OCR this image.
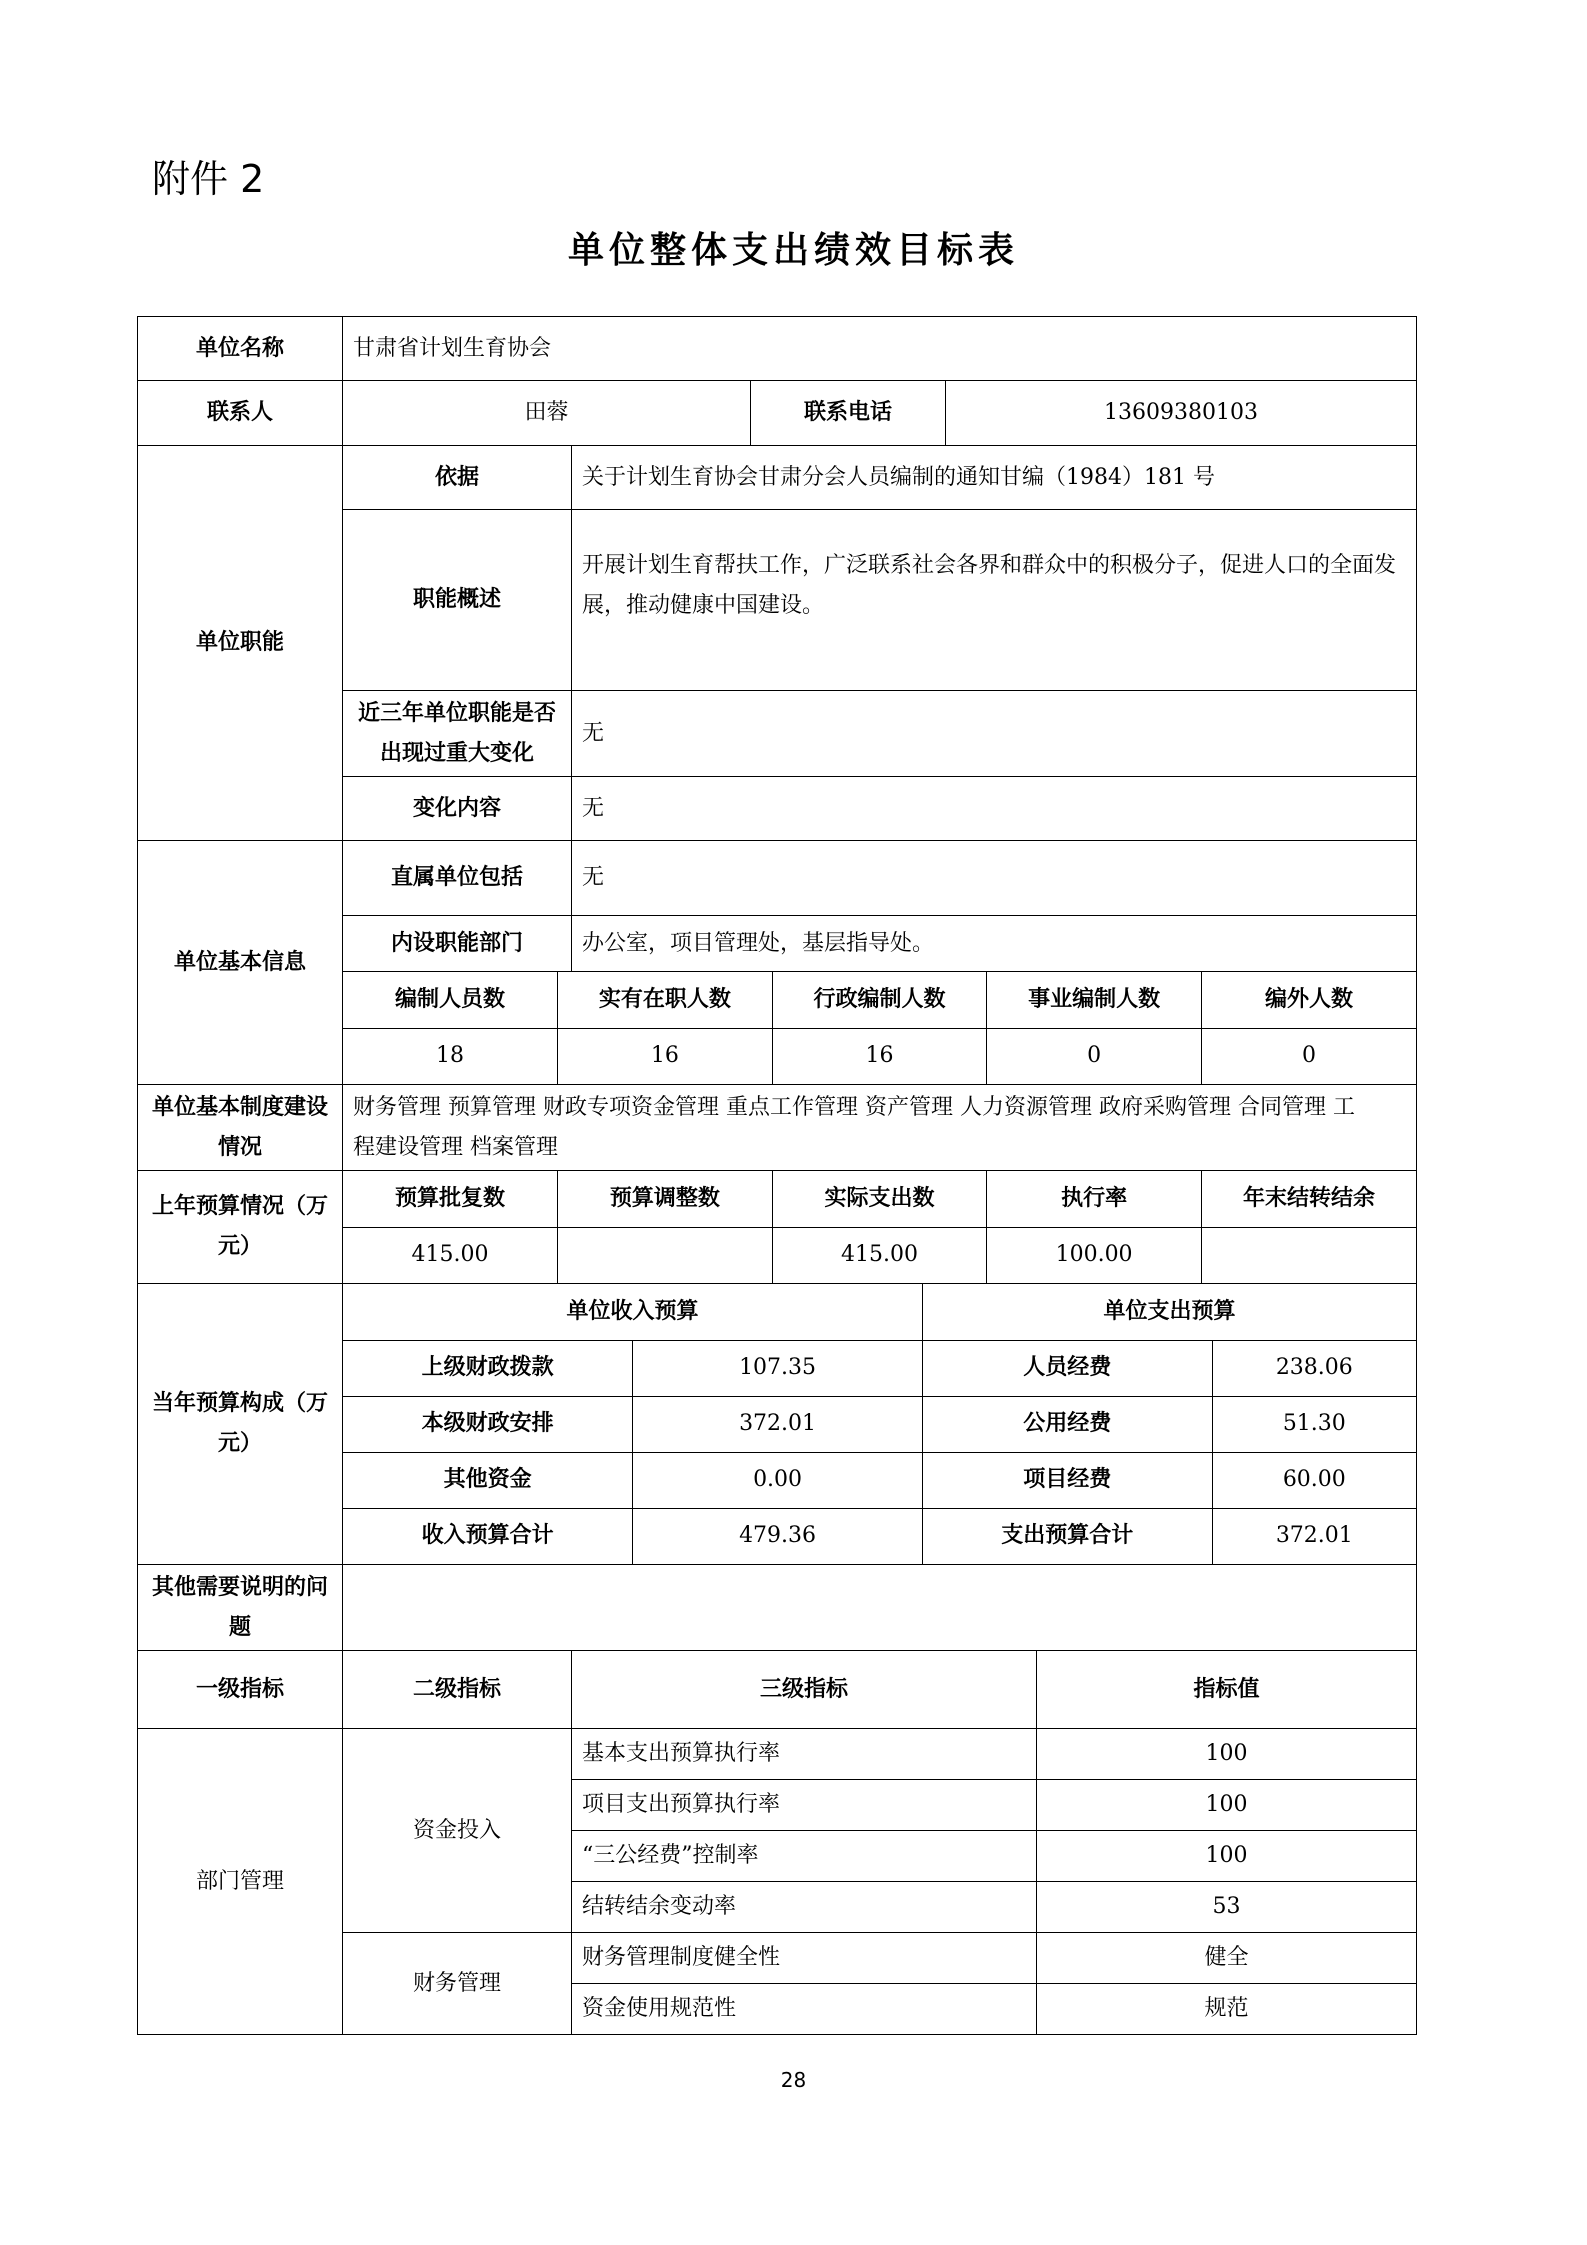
附件 2
单位整体支出绩效目标表
单位名称	甘肃省计划生育协会
联系人	田蓉	联系电话	13609380103
单位职能	依据	关于计划生育协会甘肃分会人员编制的通知甘编（1984）181 号
职能概述	开展计划生育帮扶工作，广泛联系社会各界和群众中的积极分子，促进人口的全面发展，推动健康中国建设。
近三年单位职能是否出现过重大变化	无
变化内容	无
单位基本信息	直属单位包括	无
内设职能部门	办公室，项目管理处，基层指导处。

编制人员数	实有在职人数	行政编制人数	事业编制人数	编外人数
18	16	16	0	0

单位基本制度建设情况	财务管理 预算管理 财政专项资金管理 重点工作管理 资产管理 人力资源管理 政府采购管理 合同管理 工程建设管理 档案管理
上年预算情况（万元）	
预算批复数	预算调整数	实际支出数	执行率	年末结转结余
415.00		415.00	100.00	

当年预算构成（万元）	
单位收入预算	单位支出预算
上级财政拨款	107.35	人员经费	238.06
本级财政安排	372.01	公用经费	51.30
其他资金	0.00	项目经费	60.00
收入预算合计	479.36	支出预算合计	372.01

其他需要说明的问题	
一级指标	二级指标	三级指标	指标值
部门管理	资金投入	基本支出预算执行率	100
项目支出预算执行率	100
“三公经费”控制率	100
结转结余变动率	53
财务管理	财务管理制度健全性	健全
资金使用规范性	规范
28
